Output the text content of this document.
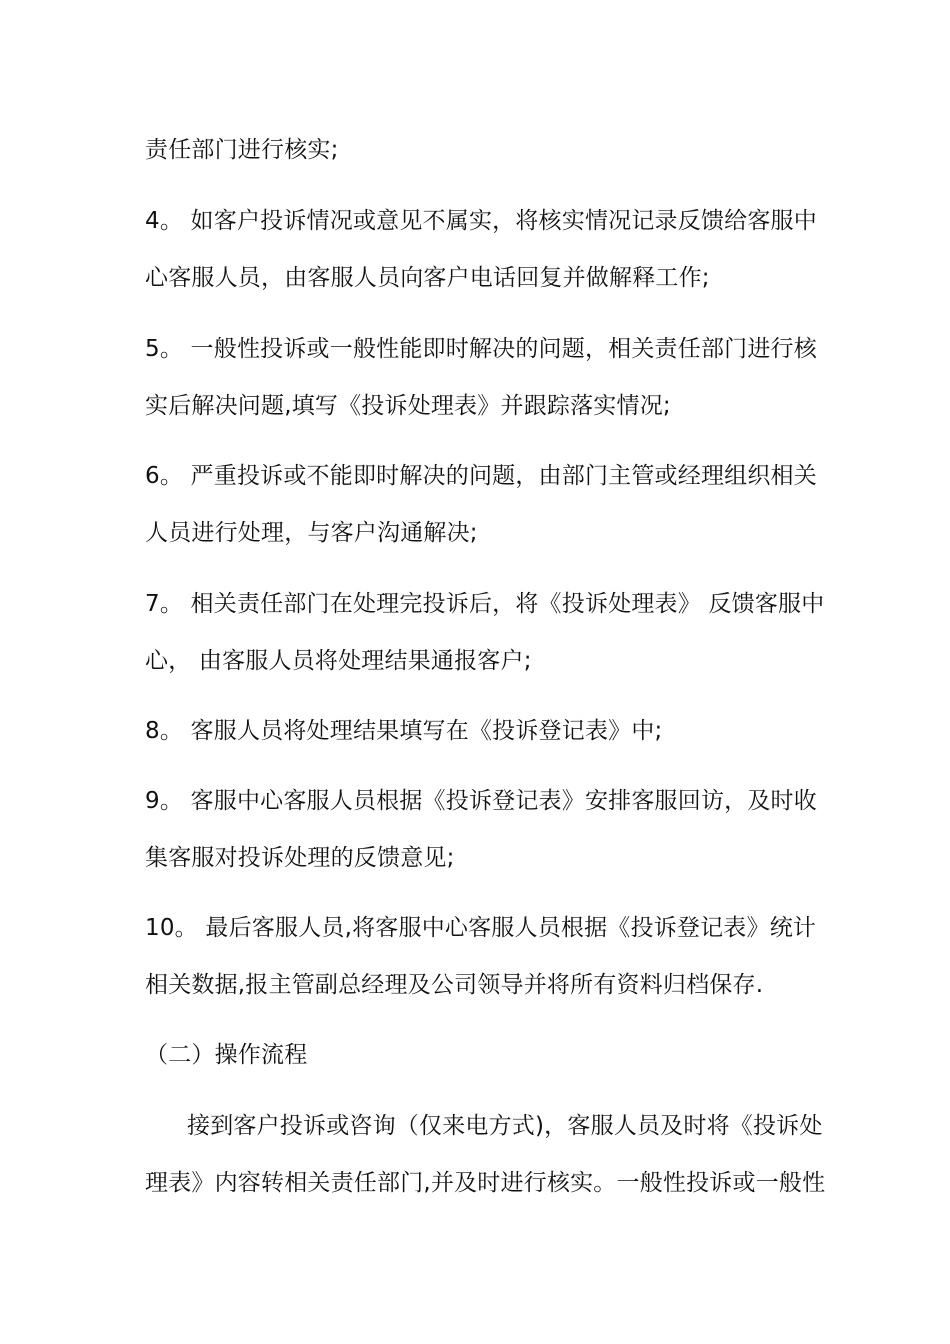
责任部门进行核实;
4。 如客户投诉情况或意见不属实，将核实情况记录反馈给客服中
心客服人员，由客服人员向客户电话回复并做解释工作;
5。 一般性投诉或一般性能即时解决的问题，相关责任部门进行核
实后解决问题,填写《投诉处理表》并跟踪落实情况;
6。 严重投诉或不能即时解决的问题，由部门主管或经理组织相关
人员进行处理，与客户沟通解决;
7。 相关责任部门在处理完投诉后，将《投诉处理表》 反馈客服中
心， 由客服人员将处理结果通报客户;
8。 客服人员将处理结果填写在《投诉登记表》中;
9。 客服中心客服人员根据《投诉登记表》安排客服回访，及时收
集客服对投诉处理的反馈意见;
10。 最后客服人员,将客服中心客服人员根据《投诉登记表》统计
相关数据,报主管副总经理及公司领导并将所有资料归档保存.
（二）操作流程
接到客户投诉或咨询（仅来电方式)，客服人员及时将《投诉处
理表》内容转相关责任部门,并及时进行核实。一般性投诉或一般性
